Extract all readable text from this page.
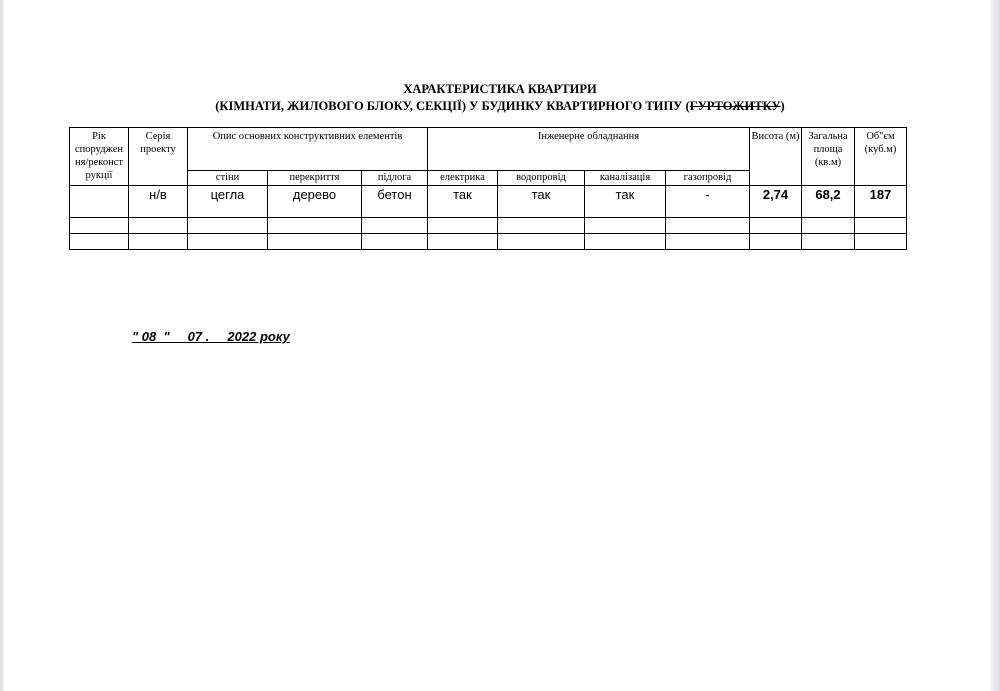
ХАРАКТЕРИСТИКА КВАРТИРИ

(КІМНАТИ, ЖИЛОВОГО БЛОКУ, СЕКЦІЇ) У БУДИНКУ КВАРТИРНОГО ТИПУ (ГУРТОЖИТКУ)

Рік споруджен ня/реконст рукції	Серія проекту	Опис основних конструктивних елементів			Інженерне обладнання				Висота (м)	Загальна площа (кв.м)	Об"єм (куб.м)
		стіни	перекриття	підлога	електрика	водопровід	каналізація	газопровід			
	н/в	цегла	дерево	бетон	так	так	так	-	2,74	68,2	187

" 08  "     07 .     2022 року
